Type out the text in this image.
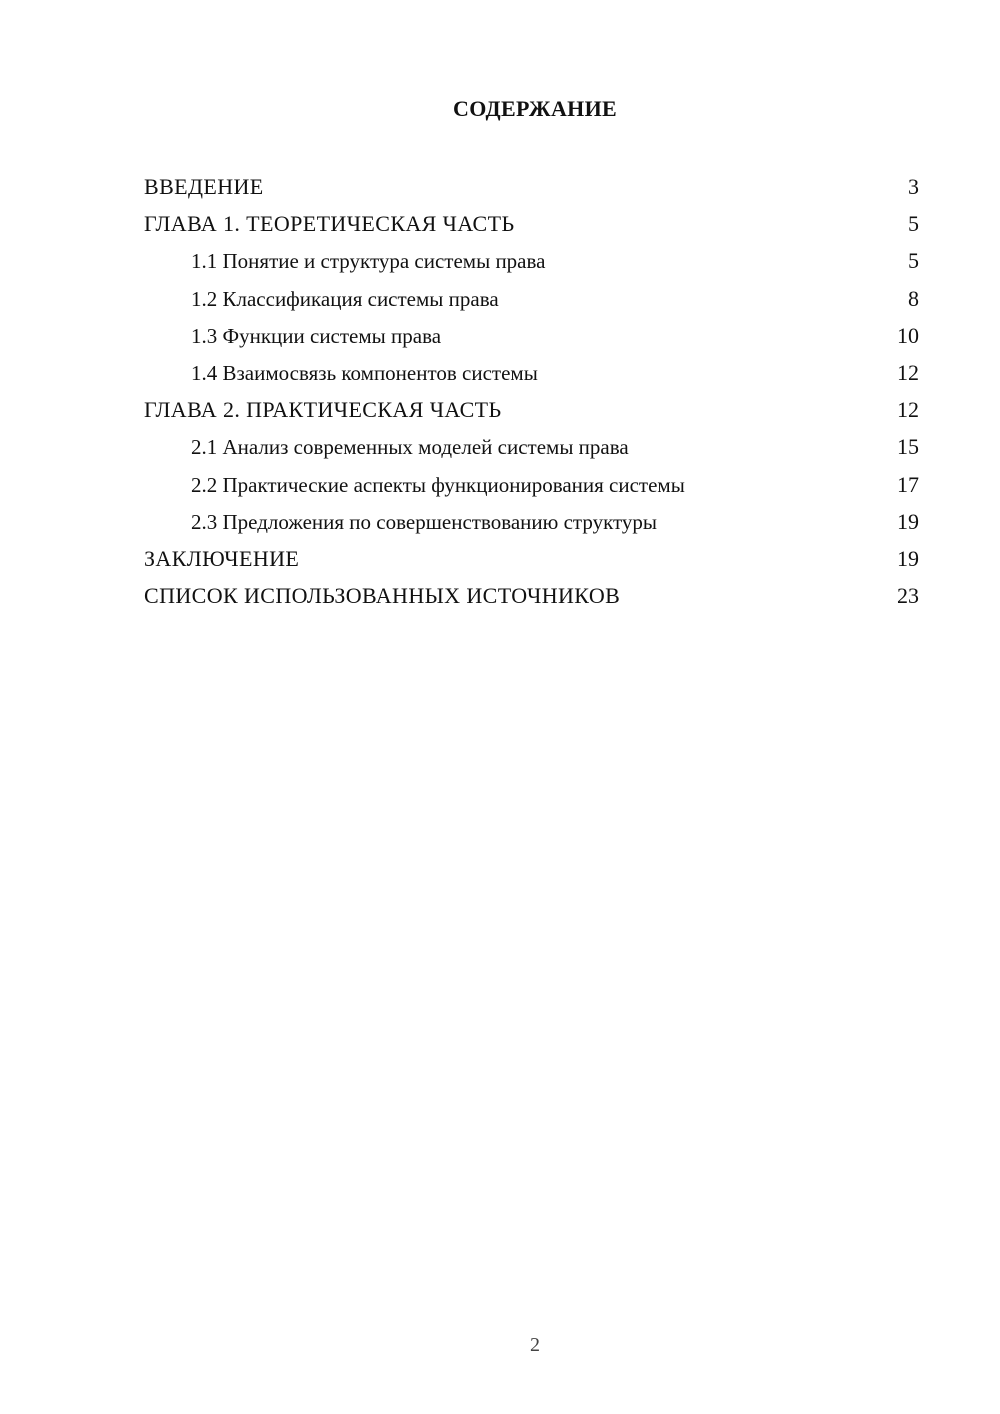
СОДЕРЖАНИЕ
ВВЕДЕНИЕ	3
ГЛАВА 1. ТЕОРЕТИЧЕСКАЯ ЧАСТЬ	5
1.1 Понятие и структура системы права	5
1.2 Классификация системы права	8
1.3 Функции системы права	10
1.4 Взаимосвязь компонентов системы	12
ГЛАВА 2. ПРАКТИЧЕСКАЯ ЧАСТЬ	12
2.1 Анализ современных моделей системы права	15
2.2 Практические аспекты функционирования системы	17
2.3 Предложения по совершенствованию структуры	19
ЗАКЛЮЧЕНИЕ	19
СПИСОК ИСПОЛЬЗОВАННЫХ ИСТОЧНИКОВ	23
2
